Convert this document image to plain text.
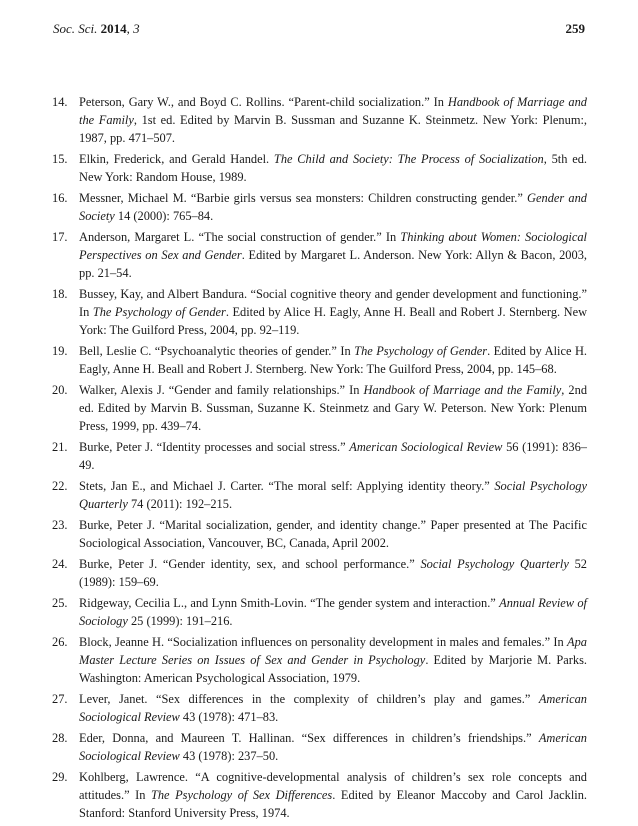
Soc. Sci. 2014, 3	259
14. Peterson, Gary W., and Boyd C. Rollins. “Parent-child socialization.” In Handbook of Marriage and the Family, 1st ed. Edited by Marvin B. Sussman and Suzanne K. Steinmetz. New York: Plenum:, 1987, pp. 471–507.
15. Elkin, Frederick, and Gerald Handel. The Child and Society: The Process of Socialization, 5th ed. New York: Random House, 1989.
16. Messner, Michael M. “Barbie girls versus sea monsters: Children constructing gender.” Gender and Society 14 (2000): 765–84.
17. Anderson, Margaret L. “The social construction of gender.” In Thinking about Women: Sociological Perspectives on Sex and Gender. Edited by Margaret L. Anderson. New York: Allyn & Bacon, 2003, pp. 21–54.
18. Bussey, Kay, and Albert Bandura. “Social cognitive theory and gender development and functioning.” In The Psychology of Gender. Edited by Alice H. Eagly, Anne H. Beall and Robert J. Sternberg. New York: The Guilford Press, 2004, pp. 92–119.
19. Bell, Leslie C. “Psychoanalytic theories of gender.” In The Psychology of Gender. Edited by Alice H. Eagly, Anne H. Beall and Robert J. Sternberg. New York: The Guilford Press, 2004, pp. 145–68.
20. Walker, Alexis J. “Gender and family relationships.” In Handbook of Marriage and the Family, 2nd ed. Edited by Marvin B. Sussman, Suzanne K. Steinmetz and Gary W. Peterson. New York: Plenum Press, 1999, pp. 439–74.
21. Burke, Peter J. “Identity processes and social stress.” American Sociological Review 56 (1991): 836–49.
22. Stets, Jan E., and Michael J. Carter. “The moral self: Applying identity theory.” Social Psychology Quarterly 74 (2011): 192–215.
23. Burke, Peter J. “Marital socialization, gender, and identity change.” Paper presented at The Pacific Sociological Association, Vancouver, BC, Canada, April 2002.
24. Burke, Peter J. “Gender identity, sex, and school performance.” Social Psychology Quarterly 52 (1989): 159–69.
25. Ridgeway, Cecilia L., and Lynn Smith-Lovin. “The gender system and interaction.” Annual Review of Sociology 25 (1999): 191–216.
26. Block, Jeanne H. “Socialization influences on personality development in males and females.” In Apa Master Lecture Series on Issues of Sex and Gender in Psychology. Edited by Marjorie M. Parks. Washington: American Psychological Association, 1979.
27. Lever, Janet. “Sex differences in the complexity of children’s play and games.” American Sociological Review 43 (1978): 471–83.
28. Eder, Donna, and Maureen T. Hallinan. “Sex differences in children’s friendships.” American Sociological Review 43 (1978): 237–50.
29. Kohlberg, Lawrence. “A cognitive-developmental analysis of children’s sex role concepts and attitudes.” In The Psychology of Sex Differences. Edited by Eleanor Maccoby and Carol Jacklin. Stanford: Stanford University Press, 1974.
